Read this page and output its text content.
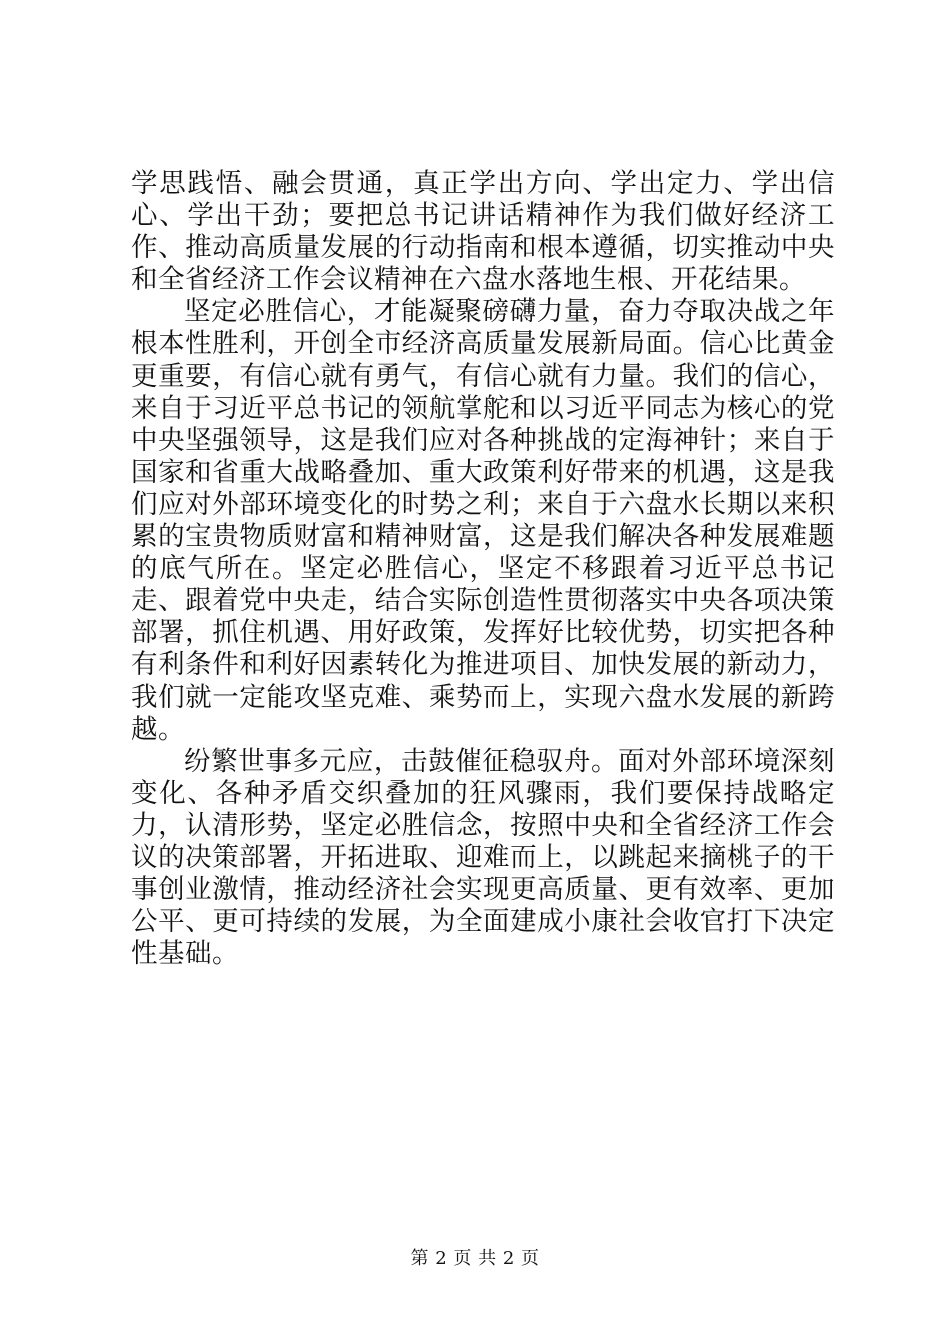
学思践悟、融会贯通，真正学出方向、学出定力、学出信心、学出干劲；要把总书记讲话精神作为我们做好经济工作、推动高质量发展的行动指南和根本遵循，切实推动中央和全省经济工作会议精神在六盘水落地生根、开花结果。

坚定必胜信心，才能凝聚磅礴力量，奋力夺取决战之年根本性胜利，开创全市经济高质量发展新局面。信心比黄金更重要，有信心就有勇气，有信心就有力量。我们的信心，来自于习近平总书记的领航掌舵和以习近平同志为核心的党中央坚强领导，这是我们应对各种挑战的定海神针；来自于国家和省重大战略叠加、重大政策利好带来的机遇，这是我们应对外部环境变化的时势之利；来自于六盘水长期以来积累的宝贵物质财富和精神财富，这是我们解决各种发展难题的底气所在。坚定必胜信心，坚定不移跟着习近平总书记走、跟着党中央走，结合实际创造性贯彻落实中央各项决策部署，抓住机遇、用好政策，发挥好比较优势，切实把各种有利条件和利好因素转化为推进项目、加快发展的新动力，我们就一定能攻坚克难、乘势而上，实现六盘水发展的新跨越。

纷繁世事多元应，击鼓催征稳驭舟。面对外部环境深刻变化、各种矛盾交织叠加的狂风骤雨，我们要保持战略定力，认清形势，坚定必胜信念，按照中央和全省经济工作会议的决策部署，开拓进取、迎难而上，以跳起来摘桃子的干事创业激情，推动经济社会实现更高质量、更有效率、更加公平、更可持续的发展，为全面建成小康社会收官打下决定性基础。

第 2 页 共 2 页
